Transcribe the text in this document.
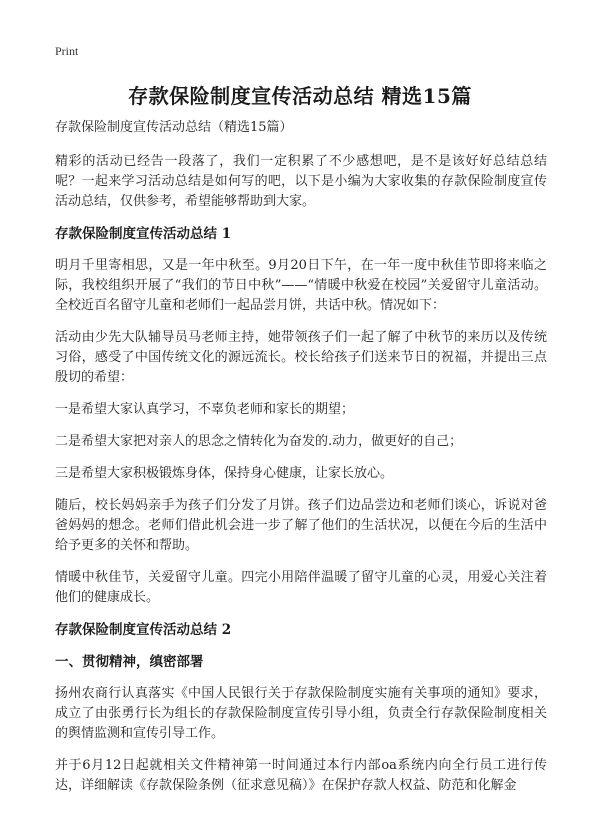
Print
存款保险制度宣传活动总结 精选15篇

存款保险制度宣传活动总结（精选15篇）

精彩的活动已经告一段落了，我们一定积累了不少感想吧，是不是该好好总结总结呢？一起来学习活动总结是如何写的吧，以下是小编为大家收集的存款保险制度宣传活动总结，仅供参考，希望能够帮助到大家。

存款保险制度宣传活动总结 1

明月千里寄相思，又是一年中秋至。9月20日下午，在一年一度中秋佳节即将来临之际，我校组织开展了“我们的节日中秋”——“情暖中秋爱在校园”关爱留守儿童活动。全校近百名留守儿童和老师们一起品尝月饼，共话中秋。情况如下：

活动由少先大队辅导员马老师主持，她带领孩子们一起了解了中秋节的来历以及传统习俗，感受了中国传统文化的源远流长。校长给孩子们送来节日的祝福，并提出三点殷切的希望：

一是希望大家认真学习，不辜负老师和家长的期望；

二是希望大家把对亲人的思念之情转化为奋发的.动力，做更好的自己；

三是希望大家积极锻炼身体，保持身心健康，让家长放心。

随后，校长妈妈亲手为孩子们分发了月饼。孩子们边品尝边和老师们谈心，诉说对爸爸妈妈的想念。老师们借此机会进一步了解了他们的生活状况，以便在今后的生活中给予更多的关怀和帮助。

情暖中秋佳节，关爱留守儿童。四完小用陪伴温暖了留守儿童的心灵，用爱心关注着他们的健康成长。

存款保险制度宣传活动总结 2
一、贯彻精神，缜密部署

扬州农商行认真落实《中国人民银行关于存款保险制度实施有关事项的通知》要求，成立了由张勇行长为组长的存款保险制度宣传引导小组，负责全行存款保险制度相关的舆情监测和宣传引导工作。

并于6月12日起就相关文件精神第一时间通过本行内部oa系统内向全行员工进行传达，详细解读《存款保险条例（征求意见稿）》在保护存款人权益、防范和化解金
